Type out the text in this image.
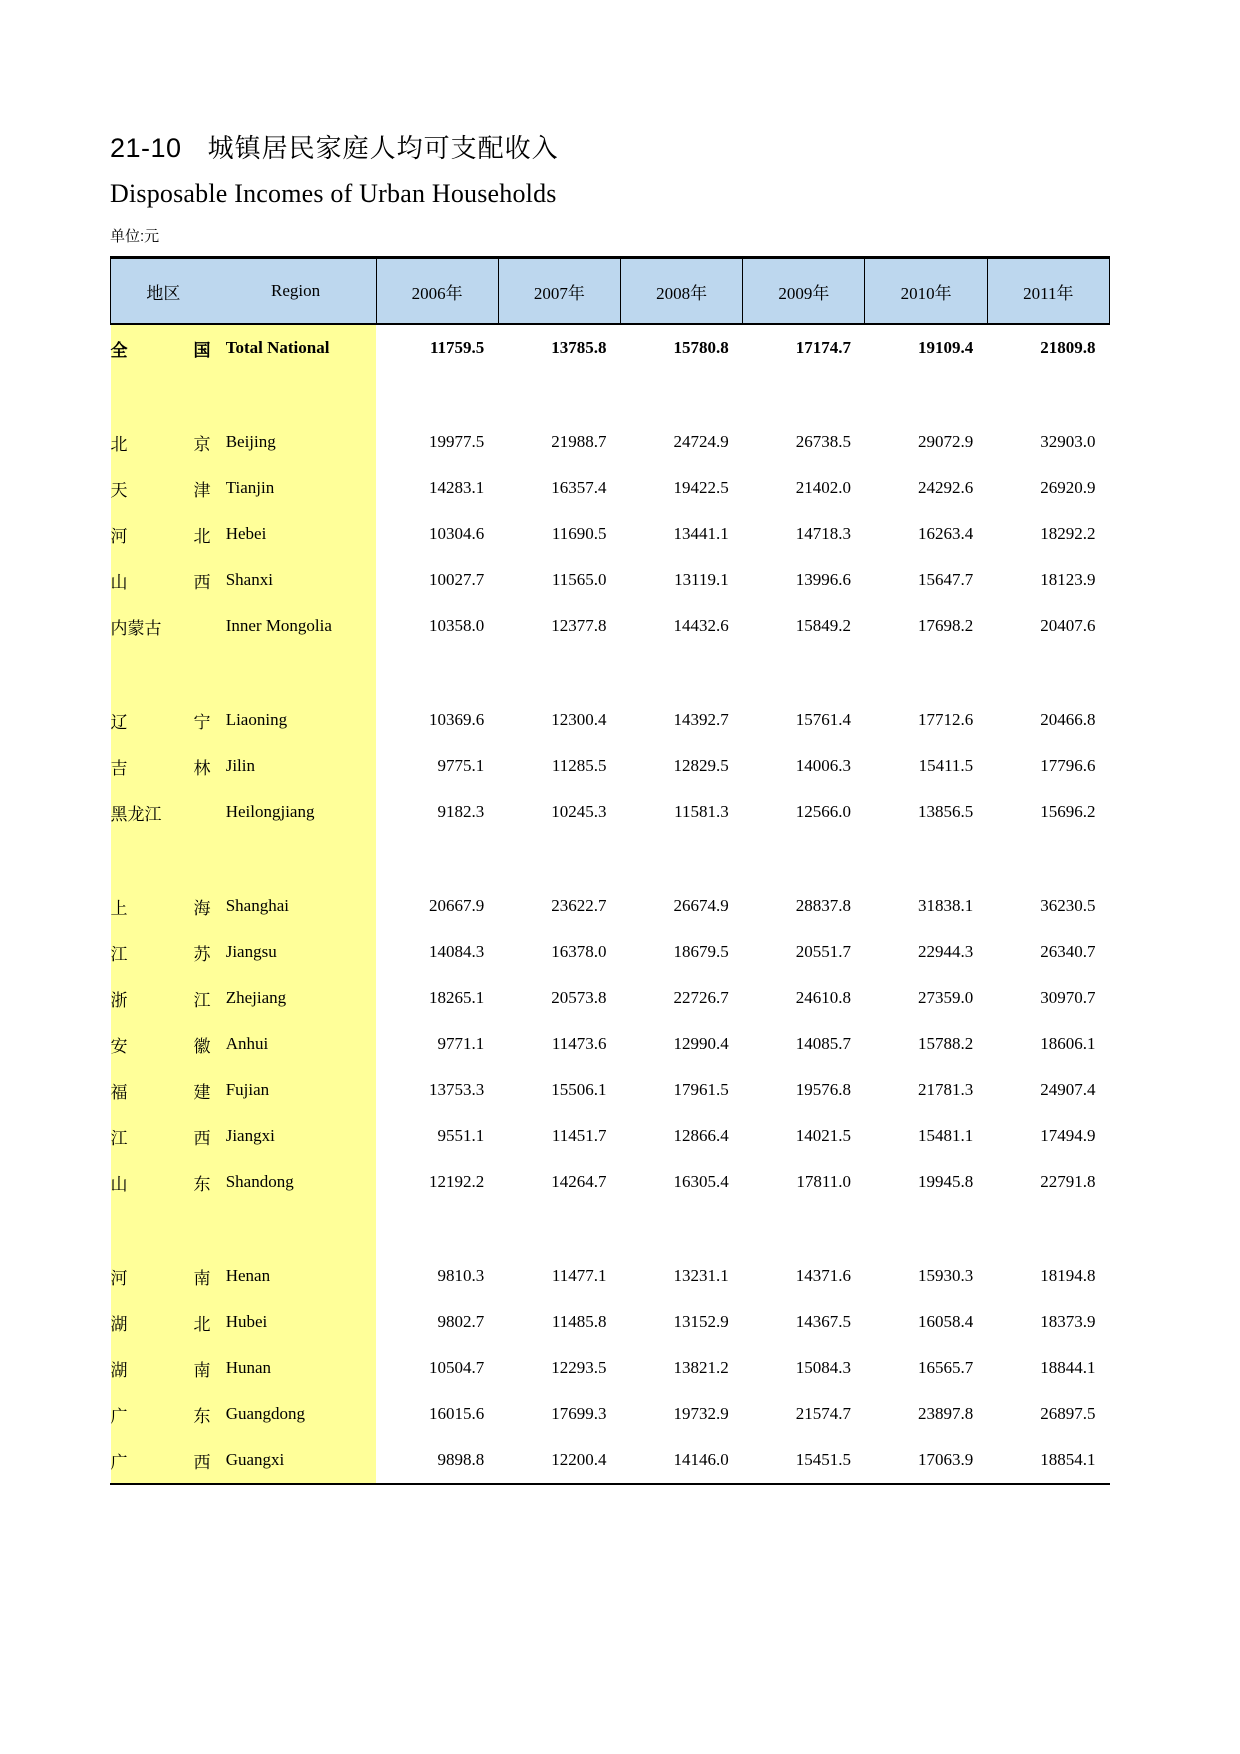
21-10 城镇居民家庭人均可支配收入
Disposable Incomes of Urban Households
单位:元
地区	Region	2006年	2007年	2008年	2009年	2010年	2011年
全国	Total National	11759.5	13785.8	15780.8	17174.7	19109.4	21809.8

北京	Beijing	19977.5	21988.7	24724.9	26738.5	29072.9	32903.0
天津	Tianjin	14283.1	16357.4	19422.5	21402.0	24292.6	26920.9
河北	Hebei	10304.6	11690.5	13441.1	14718.3	16263.4	18292.2
山西	Shanxi	10027.7	11565.0	13119.1	13996.6	15647.7	18123.9
内蒙古	Inner Mongolia	10358.0	12377.8	14432.6	15849.2	17698.2	20407.6

辽宁	Liaoning	10369.6	12300.4	14392.7	15761.4	17712.6	20466.8
吉林	Jilin	9775.1	11285.5	12829.5	14006.3	15411.5	17796.6
黑龙江	Heilongjiang	9182.3	10245.3	11581.3	12566.0	13856.5	15696.2

上海	Shanghai	20667.9	23622.7	26674.9	28837.8	31838.1	36230.5
江苏	Jiangsu	14084.3	16378.0	18679.5	20551.7	22944.3	26340.7
浙江	Zhejiang	18265.1	20573.8	22726.7	24610.8	27359.0	30970.7
安徽	Anhui	9771.1	11473.6	12990.4	14085.7	15788.2	18606.1
福建	Fujian	13753.3	15506.1	17961.5	19576.8	21781.3	24907.4
江西	Jiangxi	9551.1	11451.7	12866.4	14021.5	15481.1	17494.9
山东	Shandong	12192.2	14264.7	16305.4	17811.0	19945.8	22791.8

河南	Henan	9810.3	11477.1	13231.1	14371.6	15930.3	18194.8
湖北	Hubei	9802.7	11485.8	13152.9	14367.5	16058.4	18373.9
湖南	Hunan	10504.7	12293.5	13821.2	15084.3	16565.7	18844.1
广东	Guangdong	16015.6	17699.3	19732.9	21574.7	23897.8	26897.5
广西	Guangxi	9898.8	12200.4	14146.0	15451.5	17063.9	18854.1
